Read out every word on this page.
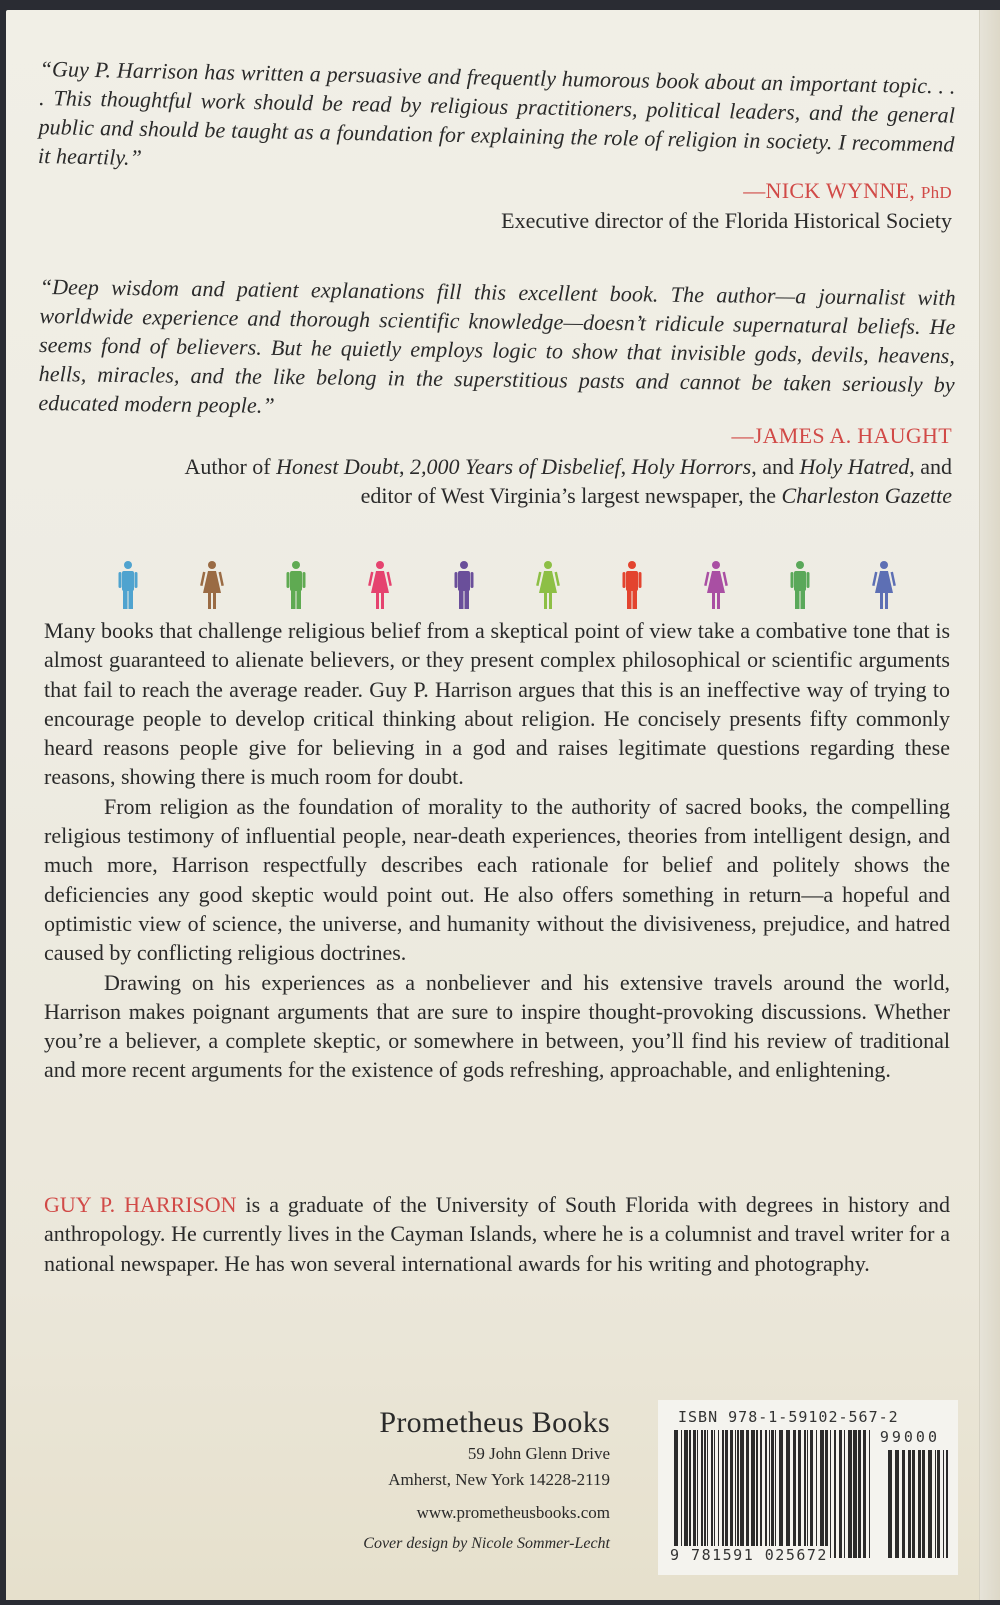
“Guy P. Harrison has written a persuasive and frequently humorous book about an important topic. . . . This thoughtful work should be read by religious practitioners, political leaders, and the general public and should be taught as a foundation for explaining the role of religion in society. I recommend it heartily.”
—NICK WYNNE, PhD
Executive director of the Florida Historical Society
“Deep wisdom and patient explanations fill this excellent book. The author—a journalist with worldwide experience and thorough scientific knowledge—doesn’t ridicule supernatural beliefs. He seems fond of believers. But he quietly employs logic to show that invisible gods, devils, heavens, hells, miracles, and the like belong in the superstitious pasts and cannot be taken seriously by educated modern people.”
—JAMES A. HAUGHT
Author of Honest Doubt, 2,000 Years of Disbelief, Holy Horrors, and Holy Hatred, and
editor of West Virginia’s largest newspaper, the Charleston Gazette

Many books that challenge religious belief from a skeptical point of view take a combative tone that is almost guaranteed to alienate believers, or they present complex philosophical or scientific arguments that fail to reach the average reader. Guy P. Harrison argues that this is an ineffective way of trying to encourage people to develop critical thinking about religion. He concisely presents fifty commonly heard reasons people give for believing in a god and raises legitimate questions regarding these reasons, showing there is much room for doubt.

From religion as the foundation of morality to the authority of sacred books, the compelling religious testimony of influential people, near-death experiences, theories from intelligent design, and much more, Harrison respectfully describes each rationale for belief and politely shows the deficiencies any good skeptic would point out. He also offers something in return—a hopeful and optimistic view of science, the universe, and humanity without the divisiveness, prejudice, and hatred caused by conflicting religious doctrines.

Drawing on his experiences as a nonbeliever and his extensive travels around the world, Harrison makes poignant arguments that are sure to inspire thought-provoking discussions. Whether you’re a believer, a complete skeptic, or somewhere in between, you’ll find his review of traditional and more recent arguments for the existence of gods refreshing, approachable, and enlightening.

GUY P. HARRISON is a graduate of the University of South Florida with degrees in history and anthropology. He currently lives in the Cayman Islands, where he is a columnist and travel writer for a national newspaper. He has won several international awards for his writing and photography.
Prometheus Books
59 John Glenn Drive
Amherst, New York 14228-2119
www.prometheusbooks.com
Cover design by Nicole Sommer-Lecht
ISBN 978-1-59102-567-2
99000
9 781591 025672
